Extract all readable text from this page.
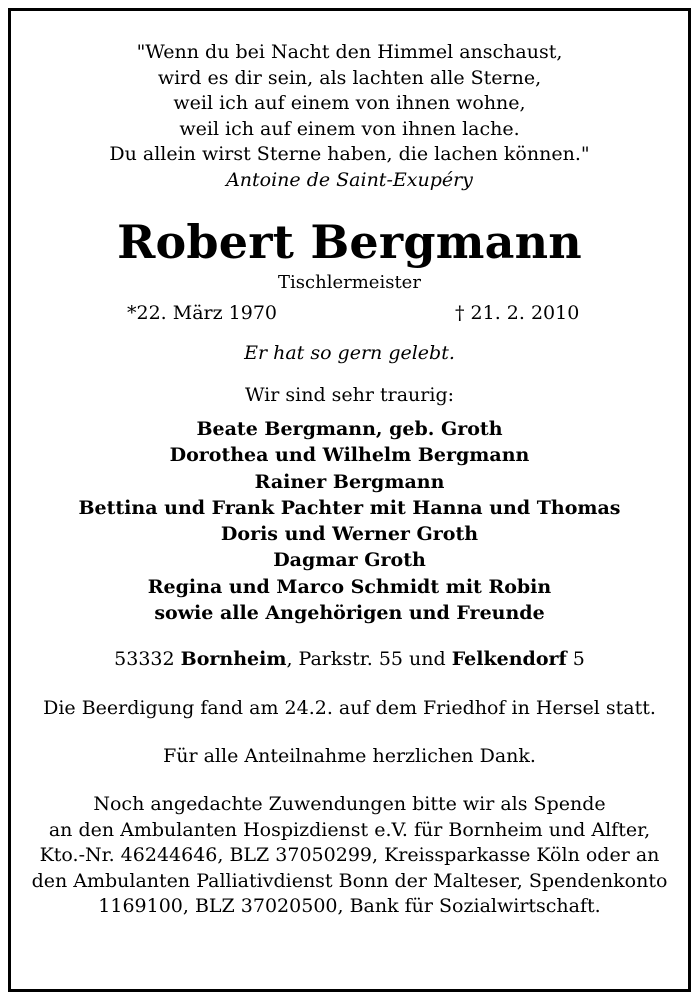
"Wenn du bei Nacht den Himmel anschaust,
wird es dir sein, als lachten alle Sterne,
weil ich auf einem von ihnen wohne,
weil ich auf einem von ihnen lache.
Du allein wirst Sterne haben, die lachen können."
Antoine de Saint-Exupéry
Robert Bergmann
Tischlermeister
*22. März 1970	† 21. 2. 2010
Er hat so gern gelebt.
Wir sind sehr traurig:
Beate Bergmann, geb. Groth
Dorothea und Wilhelm Bergmann
Rainer Bergmann
Bettina und Frank Pachter mit Hanna und Thomas
Doris und Werner Groth
Dagmar Groth
Regina und Marco Schmidt mit Robin
sowie alle Angehörigen und Freunde
53332 Bornheim, Parkstr. 55 und Felkendorf 5
Die Beerdigung fand am 24.2. auf dem Friedhof in Hersel statt.
Für alle Anteilnahme herzlichen Dank.
Noch angedachte Zuwendungen bitte wir als Spende
an den Ambulanten Hospizdienst e.V. für Bornheim und Alfter,
Kto.-Nr. 46244646, BLZ 37050299, Kreissparkasse Köln oder an
den Ambulanten Palliativdienst Bonn der Malteser, Spendenkonto
1169100, BLZ 37020500, Bank für Sozialwirtschaft.
